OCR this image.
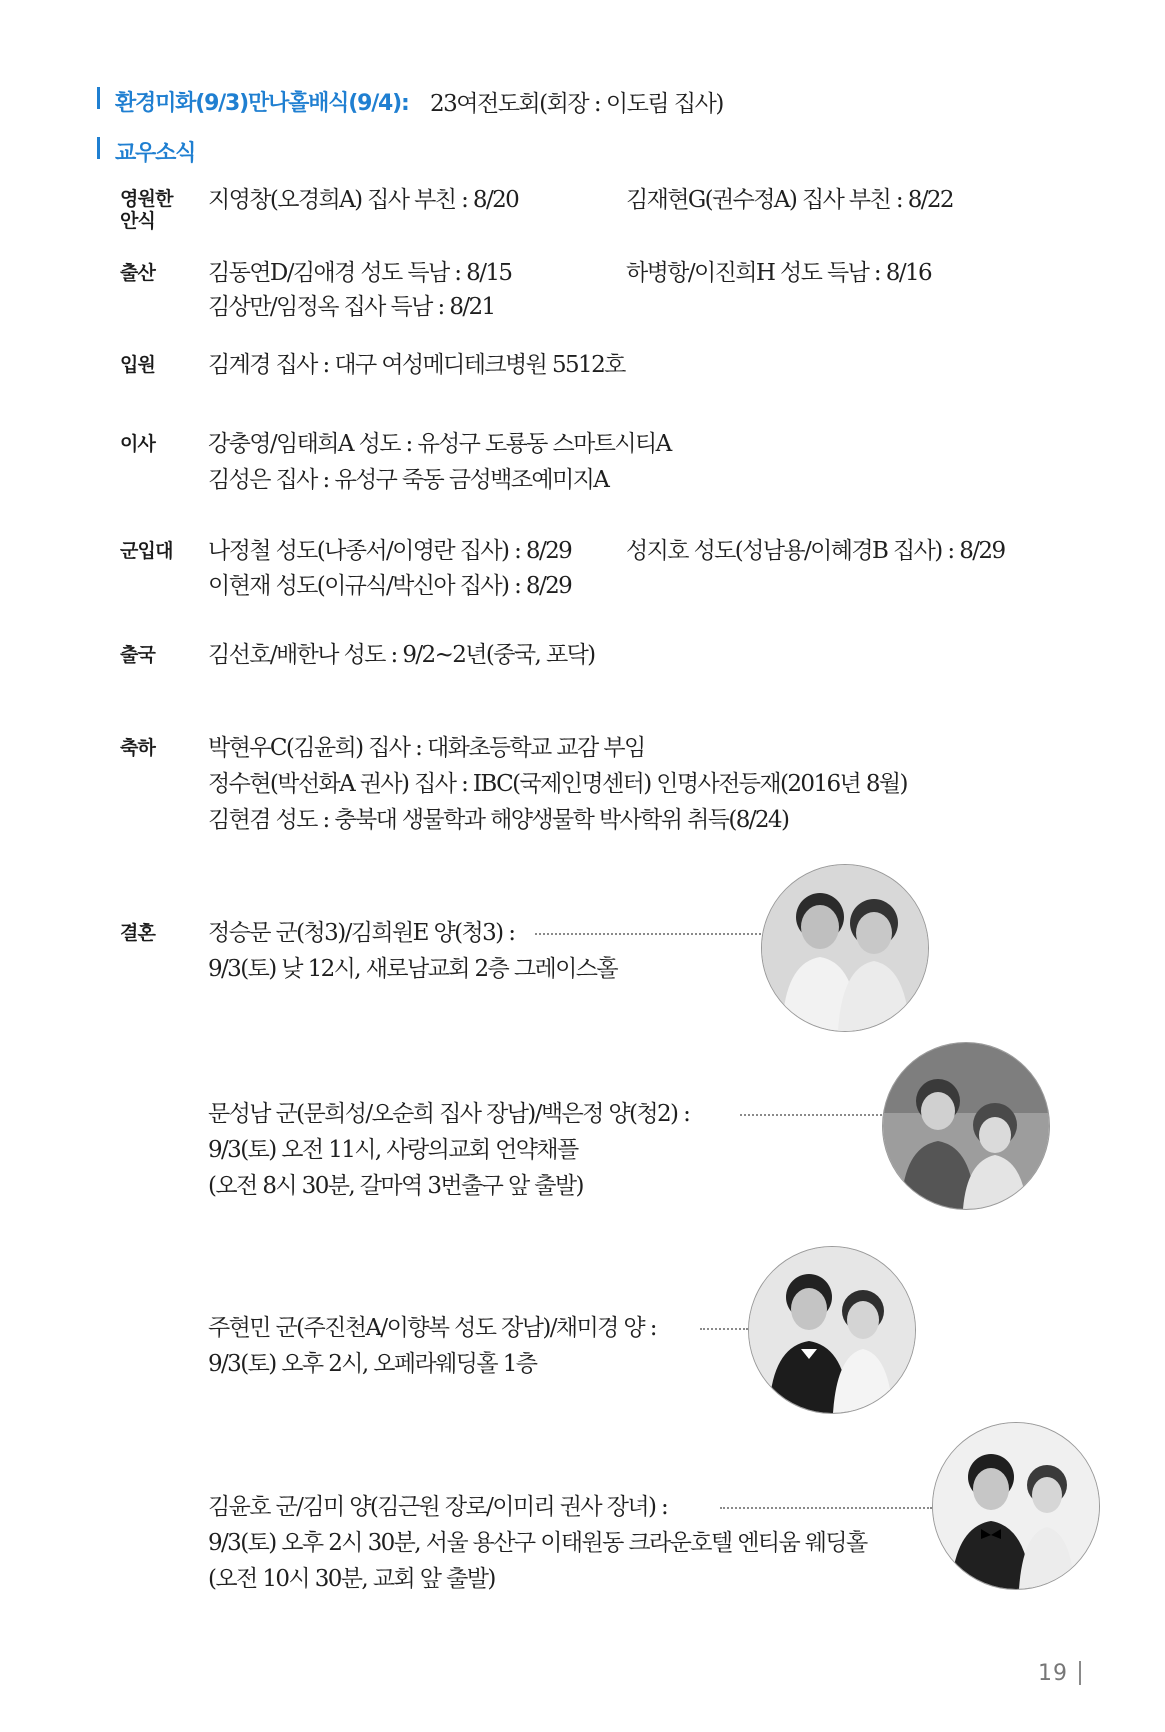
환경미화(9/3)만나홀배식(9/4): 23여전도회(회장 : 이도림 집사)
교우소식
영원한
안식
지영창(오경희A) 집사 부친 : 8/20	김재현G(권수정A) 집사 부친 : 8/22
출산	김동연D/김애경 성도 득남 : 8/15	하병항/이진희H 성도 득남 : 8/16
김상만/임정옥 집사 득남 : 8/21
입원	김계경 집사 : 대구 여성메디테크병원 5512호
이사	강충영/임태희A 성도 : 유성구 도룡동 스마트시티A
김성은 집사 : 유성구 죽동 금성백조예미지A
군입대	나정철 성도(나종서/이영란 집사) : 8/29 성지호 성도(성남용/이혜경B 집사) : 8/29
이현재 성도(이규식/박신아 집사) : 8/29
출국	김선호/배한나 성도 : 9/2~2년(중국, 포닥)
축하	박현우C(김윤희) 집사 : 대화초등학교 교감 부임
정수현(박선화A 권사) 집사 : IBC(국제인명센터) 인명사전등재(2016년 8월)
김현겸 성도 : 충북대 생물학과 해양생물학 박사학위 취득(8/24)
결혼	정승문 군(청3)/김희원E 양(청3) :
9/3(토) 낮 12시, 새로남교회 2층 그레이스홀
문성남 군(문희성/오순희 집사 장남)/백은정 양(청2) :
9/3(토) 오전 11시, 사랑의교회 언약채플
(오전 8시 30분, 갈마역 3번출구 앞 출발)
주현민 군(주진천A/이향복 성도 장남)/채미경 양 :
9/3(토) 오후 2시, 오페라웨딩홀 1층
김윤호 군/김미 양(김근원 장로/이미리 권사 장녀) :
9/3(토) 오후 2시 30분, 서울 용산구 이태원동 크라운호텔 엔티움 웨딩홀
(오전 10시 30분, 교회 앞 출발)
19
